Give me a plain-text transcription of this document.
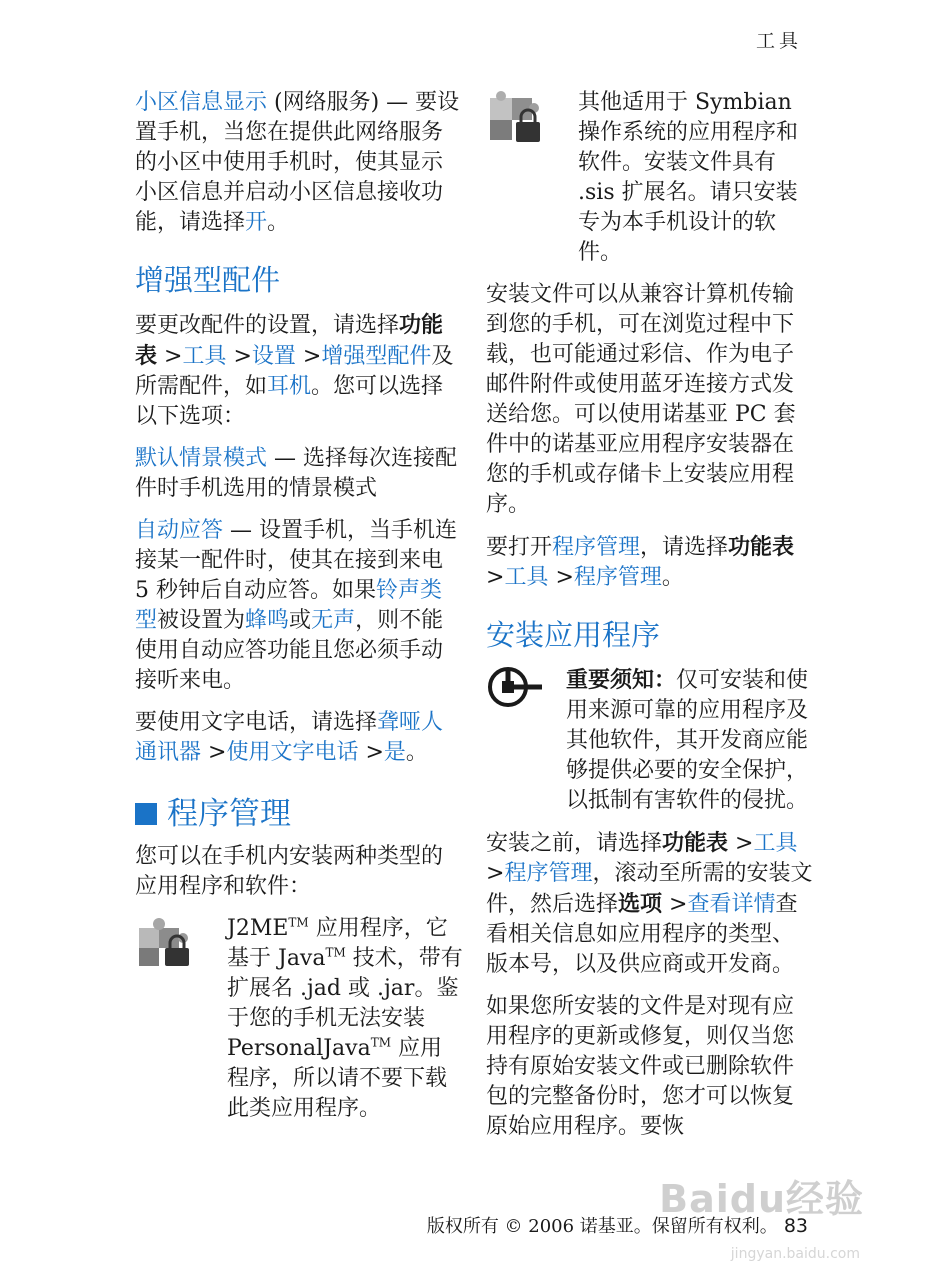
工具

小区信息显示 (网络服务) — 要设置手机，当您在提供此网络服务的小区中使用手机时，使其显示小区信息并启动小区信息接收功能，请选择开。

增强型配件

要更改配件的设置，请选择功能表 >工具 >设置 >增强型配件及所需配件，如耳机。您可以选择以下选项：

默认情景模式 — 选择每次连接配件时手机选用的情景模式

自动应答 — 设置手机，当手机连接某一配件时，使其在接到来电 5 秒钟后自动应答。如果铃声类型被设置为蜂鸣或无声，则不能使用自动应答功能且您必须手动接听来电。

要使用文字电话，请选择聋哑人通讯器 >使用文字电话 >是。

程序管理

您可以在手机内安装两种类型的应用程序和软件：

J2ME™ 应用程序，它基于 Java™ 技术，带有扩展名 .jad 或 .jar。鉴于您的手机无法安装 PersonalJava™ 应用程序，所以请不要下载此类应用程序。

其他适用于 Symbian 操作系统的应用程序和软件。安装文件具有 .sis 扩展名。请只安装专为本手机设计的软件。

安装文件可以从兼容计算机传输到您的手机，可在浏览过程中下载，也可能通过彩信、作为电子邮件附件或使用蓝牙连接方式发送给您。可以使用诺基亚 PC 套件中的诺基亚应用程序安装器在您的手机或存储卡上安装应用程序。

要打开程序管理，请选择功能表 >工具 >程序管理。

安装应用程序

重要须知：仅可安装和使用来源可靠的应用程序及其他软件，其开发商应能够提供必要的安全保护，以抵制有害软件的侵扰。

安装之前，请选择功能表 >工具 >程序管理，滚动至所需的安装文件，然后选择选项 >查看详情查看相关信息如应用程序的类型、版本号，以及供应商或开发商。

如果您所安装的文件是对现有应用程序的更新或修复，则仅当您持有原始安装文件或已删除软件包的完整备份时，您才可以恢复原始应用程序。要恢

Baidu经验
jingyan.baidu.com
版权所有 © 2006 诺基亚。保留所有权利。 83
